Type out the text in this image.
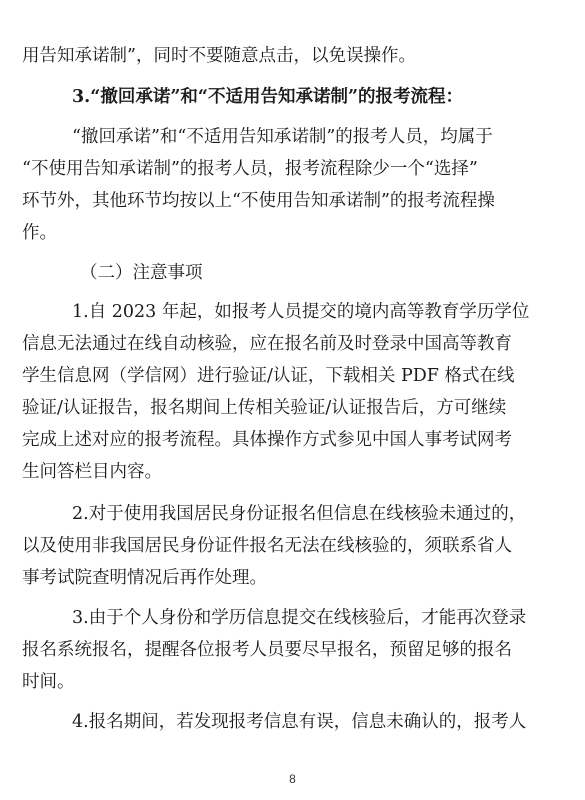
用告知承诺制”，同时不要随意点击，以免误操作。
3.“撤回承诺”和“不适用告知承诺制”的报考流程：
“撤回承诺”和“不适用告知承诺制”的报考人员，均属于
“不使用告知承诺制”的报考人员，报考流程除少一个“选择”
环节外，其他环节均按以上“不使用告知承诺制”的报考流程操
作。
（二）注意事项
1.自 2023 年起，如报考人员提交的境内高等教育学历学位
信息无法通过在线自动核验，应在报名前及时登录中国高等教育
学生信息网（学信网）进行验证/认证，下载相关 PDF 格式在线
验证/认证报告，报名期间上传相关验证/认证报告后，方可继续
完成上述对应的报考流程。具体操作方式参见中国人事考试网考
生问答栏目内容。
2.对于使用我国居民身份证报名但信息在线核验未通过的，
以及使用非我国居民身份证件报名无法在线核验的，须联系省人
事考试院查明情况后再作处理。
3.由于个人身份和学历信息提交在线核验后，才能再次登录
报名系统报名，提醒各位报考人员要尽早报名，预留足够的报名
时间。
4.报名期间，若发现报考信息有误，信息未确认的，报考人
8
